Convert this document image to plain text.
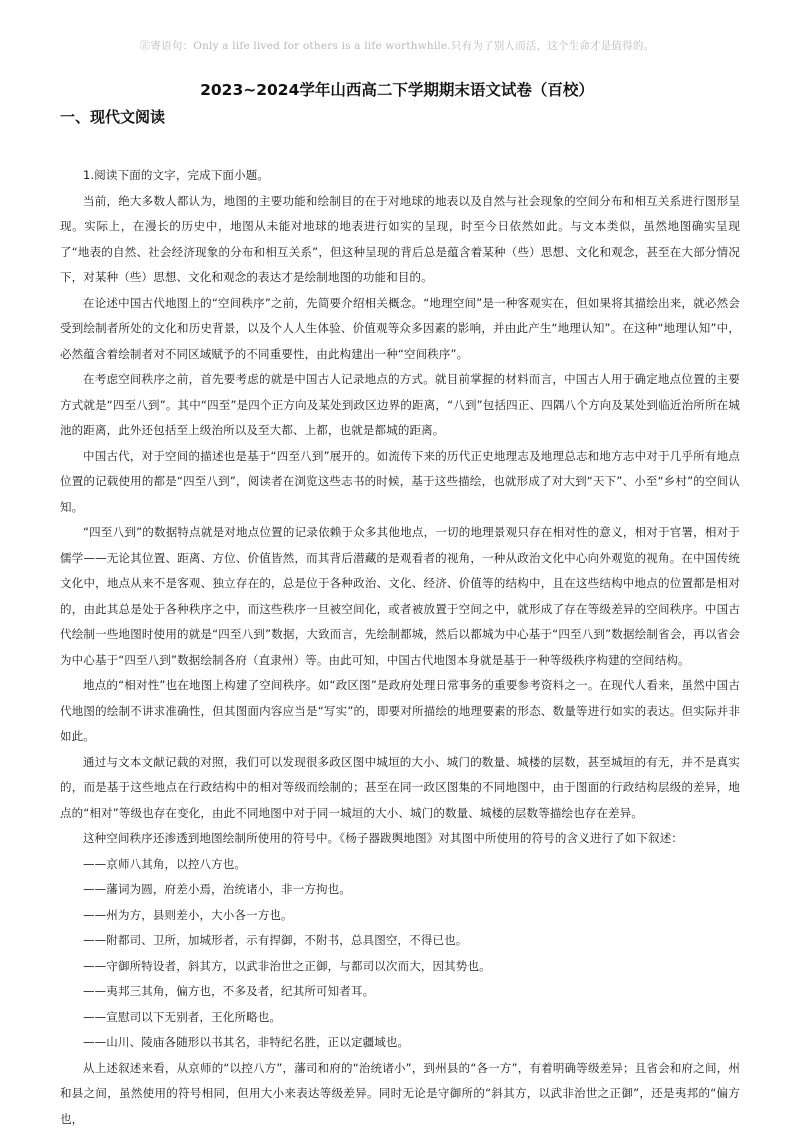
㊣寄语句：Only a life lived for others is a life worthwhile.只有为了别人而活，这个生命才是值得的。
2023~2024学年山西高二下学期期末语文试卷（百校）
一、现代文阅读

1.阅读下面的文字，完成下面小题。

当前，绝大多数人都认为，地图的主要功能和绘制目的在于对地球的地表以及自然与社会现象的空间分布和相互关系进行图形呈现。实际上，在漫长的历史中，地图从未能对地球的地表进行如实的呈现，时至今日依然如此。与文本类似，虽然地图确实呈现了“地表的自然、社会经济现象的分布和相互关系”，但这种呈现的背后总是蕴含着某种（些）思想、文化和观念，甚至在大部分情况下，对某种（些）思想、文化和观念的表达才是绘制地图的功能和目的。

在论述中国古代地图上的“空间秩序”之前，先简要介绍相关概念。“地理空间”是一种客观实在，但如果将其描绘出来，就必然会受到绘制者所处的文化和历史背景，以及个人人生体验、价值观等众多因素的影响，并由此产生“地理认知”。在这种“地理认知”中，必然蕴含着绘制者对不同区域赋予的不同重要性，由此构建出一种“空间秩序”。

在考虑空间秩序之前，首先要考虑的就是中国古人记录地点的方式。就目前掌握的材料而言，中国古人用于确定地点位置的主要方式就是“四至八到”。其中“四至”是四个正方向及某处到政区边界的距离，“八到”包括四正、四隅八个方向及某处到临近治所所在城池的距离，此外还包括至上级治所以及至大都、上都，也就是都城的距离。

中国古代，对于空间的描述也是基于“四至八到”展开的。如流传下来的历代正史地理志及地理总志和地方志中对于几乎所有地点位置的记载使用的都是“四至八到”，阅读者在浏览这些志书的时候，基于这些描绘，也就形成了对大到“天下”、小至“乡村”的空间认知。

“四至八到”的数据特点就是对地点位置的记录依赖于众多其他地点，一切的地理景观只存在相对性的意义，相对于官署，相对于儒学——无论其位置、距离、方位、价值皆然，而其背后潜藏的是观看者的视角，一种从政治文化中心向外观览的视角。在中国传统文化中，地点从来不是客观、独立存在的，总是位于各种政治、文化、经济、价值等的结构中，且在这些结构中地点的位置都是相对的，由此其总是处于各种秩序之中，而这些秩序一旦被空间化，或者被放置于空间之中，就形成了存在等级差异的空间秩序。中国古代绘制一些地图时使用的就是“四至八到”数据，大致而言，先绘制都城，然后以都城为中心基于“四至八到”数据绘制省会，再以省会为中心基于“四至八到”数据绘制各府（直隶州）等。由此可知，中国古代地图本身就是基于一种等级秩序构建的空间结构。

地点的“相对性”也在地图上构建了空间秩序。如“政区图”是政府处理日常事务的重要参考资料之一。在现代人看来，虽然中国古代地图的绘制不讲求准确性，但其图面内容应当是“写实”的，即要对所描绘的地理要素的形态、数量等进行如实的表达。但实际并非如此。

通过与文本文献记载的对照，我们可以发现很多政区图中城垣的大小、城门的数量、城楼的层数，甚至城垣的有无，并不是真实的，而是基于这些地点在行政结构中的相对等级而绘制的；甚至在同一政区图集的不同地图中，由于图面的行政结构层级的差异，地点的“相对”等级也存在变化，由此不同地图中对于同一城垣的大小、城门的数量、城楼的层数等描绘也存在差异。

这种空间秩序还渗透到地图绘制所使用的符号中。《杨子器跋舆地图》对其图中所使用的符号的含义进行了如下叙述：

——京师八其角，以控八方也。

——藩词为圆，府差小焉，治统诸小，非一方拘也。

——州为方，县则差小，大小各一方也。

——附都司、卫所，加城形者，示有捍御，不附书，总具图空，不得已也。

——守御所特设者，斜其方，以武非治世之正御，与都司以次而大，因其势也。

——夷邦三其角，偏方也，不多及者，纪其所可知者耳。

——宣慰司以下无别者，王化所略也。

——山川、陵庙各随形以书其名，非特纪名胜，正以定疆域也。

从上述叙述来看，从京师的“以控八方”，藩司和府的“治统诸小”，到州县的“各一方”，有着明确等级差异；且省会和府之间，州和县之间，虽然使用的符号相同，但用大小来表达等级差异。同时无论是守御所的“斜其方，以武非治世之正御”，还是夷邦的“偏方也，
